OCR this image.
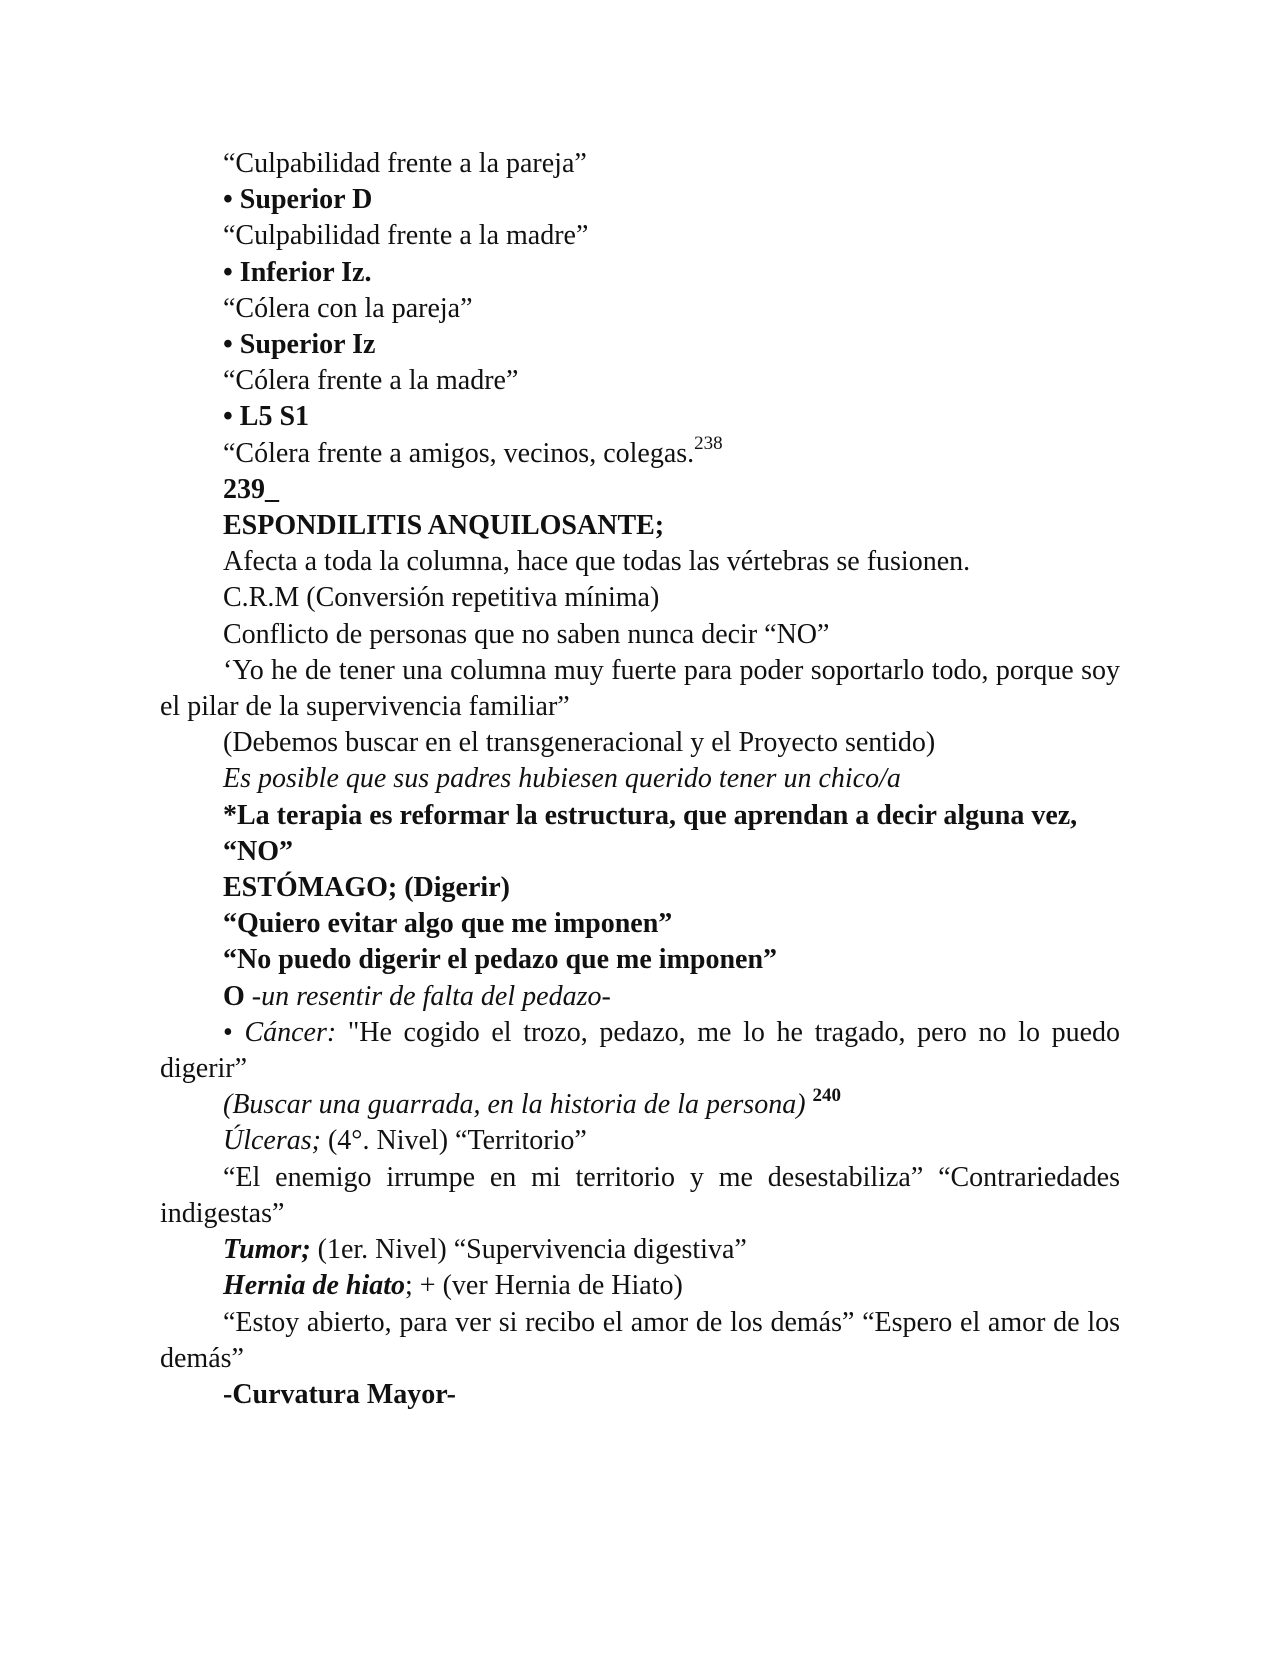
“Culpabilidad frente a la pareja”

• Superior D

“Culpabilidad frente a la madre”

• Inferior Iz.

“Cólera con la pareja”

• Superior Iz

“Cólera frente a la madre”

• L5 S1

“Cólera frente a amigos, vecinos, colegas.$^{238}$

239_

ESPONDILITIS ANQUILOSANTE;

Afecta a toda la columna, hace que todas las vértebras se fusionen.

C.R.M (Conversión repetitiva mínima)

Conflicto de personas que no saben nunca decir “NO”

‘Yo he de tener una columna muy fuerte para poder soportarlo todo, porque soy el pilar de la supervivencia familiar”

(Debemos buscar en el transgeneracional y el Proyecto sentido)

Es posible que sus padres hubiesen querido tener un chico/a

*La terapia es reformar la estructura, que aprendan a decir alguna vez,

“NO”

ESTÓMAGO; (Digerir)

“Quiero evitar algo que me imponen”

“No puedo digerir el pedazo que me imponen”

O -un resentir de falta del pedazo-

• Cáncer: "He cogido el trozo, pedazo, me lo he tragado, pero no lo puedo digerir”

(Buscar una guarrada, en la historia de la persona) $^{240}$

Úlceras; (4°. Nivel) “Territorio”

“El enemigo irrumpe en mi territorio y me desestabiliza” “Contrariedades indigestas”

Tumor; (1er. Nivel) “Supervivencia digestiva”

Hernia de hiato; + (ver Hernia de Hiato)

“Estoy abierto, para ver si recibo el amor de los demás” “Espero el amor de los demás”

-Curvatura Mayor-
